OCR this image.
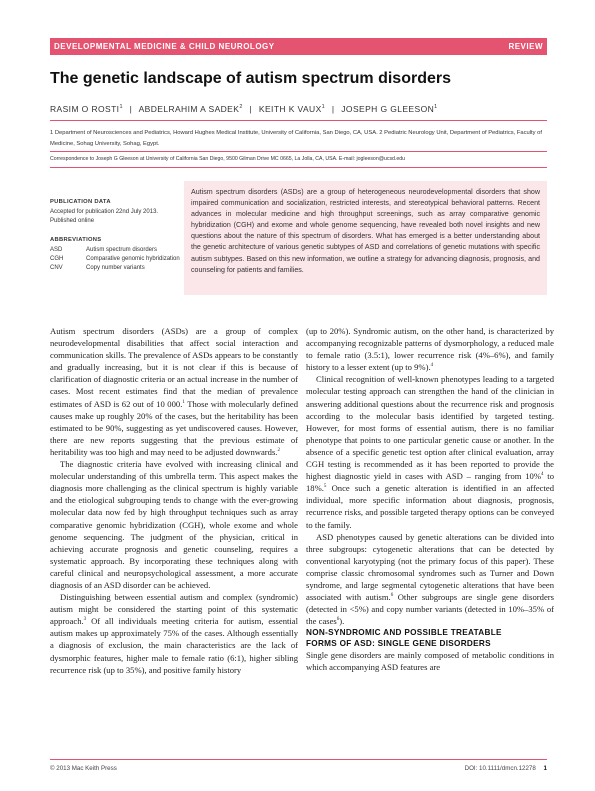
DEVELOPMENTAL MEDICINE & CHILD NEUROLOGY	REVIEW
The genetic landscape of autism spectrum disorders
RASIM O ROSTI$^1$ | ABDELRAHIM A SADEK$^2$ | KEITH K VAUX$^1$ | JOSEPH G GLEESON$^1$
1 Department of Neurosciences and Pediatrics, Howard Hughes Medical Institute, University of California, San Diego, CA, USA. 2 Pediatric Neurology Unit, Department of Pediatrics, Faculty of Medicine, Sohag University, Sohag, Egypt.
Correspondence to Joseph G Gleeson at University of California San Diego, 9500 Gilman Drive MC 0665, La Jolla, CA, USA. E-mail: jogleeson@ucsd.edu
PUBLICATION DATA
Accepted for publication 22nd July 2013.
Published online
ABBREVIATIONS
ASD	Autism spectrum disorders
CGH	Comparative genomic hybridization
CNV	Copy number variants
Autism spectrum disorders (ASDs) are a group of heterogeneous neurodevelopmental disorders that show impaired communication and socialization, restricted interests, and stereotypical behavioral patterns. Recent advances in molecular medicine and high throughput screenings, such as array comparative genomic hybridization (CGH) and exome and whole genome sequencing, have revealed both novel insights and new questions about the nature of this spectrum of disorders. What has emerged is a better understanding about the genetic architecture of various genetic subtypes of ASD and correlations of genetic mutations with specific autism subtypes. Based on this new information, we outline a strategy for advancing diagnosis, prognosis, and counseling for patients and families.

Autism spectrum disorders (ASDs) are a group of complex neurodevelopmental disabilities that affect social interaction and communication skills. The prevalence of ASDs appears to be constantly and gradually increasing, but it is not clear if this is because of clarification of diagnostic criteria or an actual increase in the number of cases. Most recent estimates find that the median of prevalence estimates of ASD is 62 out of 10 000.$^1$ Those with molecularly defined causes make up roughly 20% of the cases, but the heritability has been estimated to be 90%, suggesting as yet undiscovered causes. However, there are new reports suggesting that the previous estimate of heritability was too high and may need to be adjusted downwards.$^2$

The diagnostic criteria have evolved with increasing clinical and molecular understanding of this umbrella term. This aspect makes the diagnosis more challenging as the clinical spectrum is highly variable and the etiological subgrouping tends to change with the ever-growing molecular data now fed by high throughput techniques such as array comparative genomic hybridization (CGH), whole exome and whole genome sequencing. The judgment of the physician, critical in achieving accurate prognosis and genetic counseling, requires a systematic approach. By incorporating these techniques along with careful clinical and neuropsychological assessment, a more accurate diagnosis of an ASD disorder can be achieved.

Distinguishing between essential autism and complex (syndromic) autism might be considered the starting point of this systematic approach.$^3$ Of all individuals meeting criteria for autism, essential autism makes up approximately 75% of the cases. Although essentially a diagnosis of exclusion, the main characteristics are the lack of dysmorphic features, higher male to female ratio (6:1), higher sibling recurrence risk (up to 35%), and positive family history

(up to 20%). Syndromic autism, on the other hand, is characterized by accompanying recognizable patterns of dysmorphology, a reduced male to female ratio (3.5:1), lower recurrence risk (4%–6%), and family history to a lesser extent (up to 9%).$^4$

Clinical recognition of well-known phenotypes leading to a targeted molecular testing approach can strengthen the hand of the clinician in answering additional questions about the recurrence risk and prognosis according to the molecular basis identified by targeted testing. However, for most forms of essential autism, there is no familiar phenotype that points to one particular genetic cause or another. In the absence of a specific genetic test option after clinical evaluation, array CGH testing is recommended as it has been reported to provide the highest diagnostic yield in cases with ASD – ranging from 10%$^4$ to 18%.$^5$ Once such a genetic alteration is identified in an affected individual, more specific information about diagnosis, prognosis, recurrence risks, and possible targeted therapy options can be conveyed to the family.

ASD phenotypes caused by genetic alterations can be divided into three subgroups: cytogenetic alterations that can be detected by conventional karyotyping (not the primary focus of this paper). These comprise classic chromosomal syndromes such as Turner and Down syndrome, and large segmental cytogenetic alterations that have been associated with autism.$^6$ Other subgroups are single gene disorders (detected in <5%) and copy number variants (detected in 10%–35% of the cases$^6$).

NON-SYNDROMIC AND POSSIBLE TREATABLE
FORMS OF ASD: SINGLE GENE DISORDERS

Single gene disorders are mainly composed of metabolic conditions in which accompanying ASD features are

© 2013 Mac Keith Press	DOI: 10.1111/dmcn.12278 1
